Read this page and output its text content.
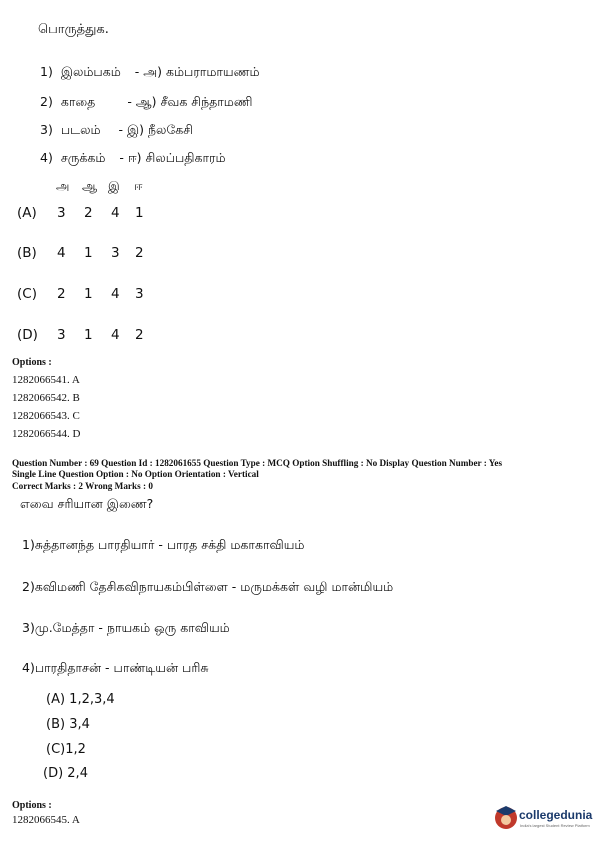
பொருத்துக.
1) இலம்பகம் - அ) கம்பராமாயணம்
2) காதை	- ஆ) சீவக சிந்தாமணி
3) படலம் - இ) நீலகேசி
4) சருக்கம் - ஈ) சிலப்பதிகாரம்
அ ஆ இ ஈ
(A) 3 2 4 1
(B) 4 1 3 2
(C) 2 1 4 3
(D) 3 1 4 2
Options :
1282066541. A
1282066542. B
1282066543. C
1282066544. D
Question Number : 69 Question Id : 1282061655 Question Type : MCQ Option Shuffling : No Display Question Number : Yes
Single Line Question Option : No Option Orientation : Vertical
Correct Marks : 2 Wrong Marks : 0
எவை சரியான இணை?
1)சுத்தானந்த பாரதியார் - பாரத சக்தி மகாகாவியம்
2)கவிமணி தேசிகவிநாயகம்பிள்ளை - மருமக்கள் வழி மான்மியம்
3)மு.மேத்தா - நாயகம் ஒரு காவியம்
4)பாரதிதாசன் - பாண்டியன் பரிசு
(A) 1,2,3,4
(B) 3,4
(C)1,2
(D) 2,4
Options :
1282066545. A	collegedunia
India's largest Student Review Platform
